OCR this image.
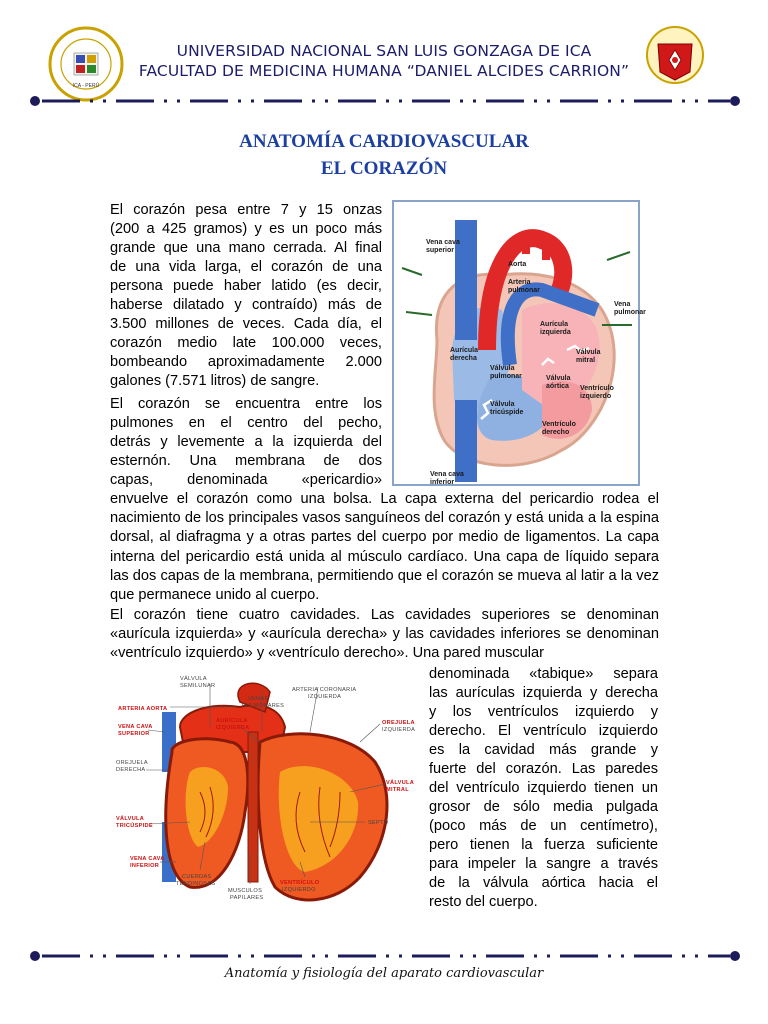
ICA - PERÚ
UNIVERSIDAD NACIONAL SAN LUIS GONZAGA DE ICA
FACULTAD DE MEDICINA HUMANA “DANIEL ALCIDES CARRION”
ANATOMÍA CARDIOVASCULAR
EL CORAZÓN
El corazón pesa entre 7 y 15 onzas
(200 a 425 gramos) y es un poco más
grande que una mano cerrada. Al final
de una vida larga, el corazón de una
persona puede haber latido (es decir,
haberse dilatado y contraído) más de
3.500 millones de veces. Cada día, el
corazón medio late 100.000 veces,
bombeando aproximadamente 2.000
galones (7.571 litros) de sangre.
El corazón se encuentra entre los
pulmones en el centro del pecho,
detrás y levemente a la izquierda del
esternón. Una membrana de dos
capas, denominada «pericardio»

envuelve el corazón como una bolsa. La capa externa del pericardio rodea el nacimiento de los principales vasos sanguíneos del corazón y está unida a la espina dorsal, al diafragma y a otras partes del cuerpo por medio de ligamentos. La capa interna del pericardio está unida al músculo cardíaco. Una capa de líquido separa las dos capas de la membrana, permitiendo que el corazón se mueva al latir a la vez que permanece unido al cuerpo.

El corazón tiene cuatro cavidades. Las cavidades superiores se denominan «aurícula izquierda» y «aurícula derecha» y las cavidades inferiores se denominan «ventrículo izquierdo» y «ventrículo derecho». Una pared muscular

Vena cava
superior
Aorta
Arteria
pulmonar
Vena
pulmonar
Aurícula
izquierda
Aurícula
derecha
Válvula
mitral
Válvula
pulmonar	Válvula
aórtica Ventrículo
izquierdo
Válvula
tricúspide
Ventrículo
derecho
Vena cava
inferior
VÁLVULA
SEMILUNAR
VENAS
PULMONARES
ARTERIA CORONARIA
IZQUIERDA
ARTERIA AORTA
VENA CAVA
SUPERIOR
AURÍCULA
IZQUIERDA
OREJUELA
IZQUIERDA
OREJUELA
DERECHA
VÁLVULA
MITRAL
VÁLVULA
TRICÚSPIDE	SEPTO
VENA CAVA
INFERIOR
VENTRÍCULO
IZQUIERDO
CUERDAS
TENDINOSAS
MUSCULOS
PAPILARES
denominada «tabique» separa
las aurículas izquierda y derecha
y los ventrículos izquierdo y
derecho. El ventrículo izquierdo
es la cavidad más grande y
fuerte del corazón. Las paredes
del ventrículo izquierdo tienen un
grosor de sólo media pulgada
(poco más de un centímetro),
pero tienen la fuerza suficiente
para impeler la sangre a través
de la válvula aórtica hacia el
resto del cuerpo.
Anatomía y fisiología del aparato cardiovascular
